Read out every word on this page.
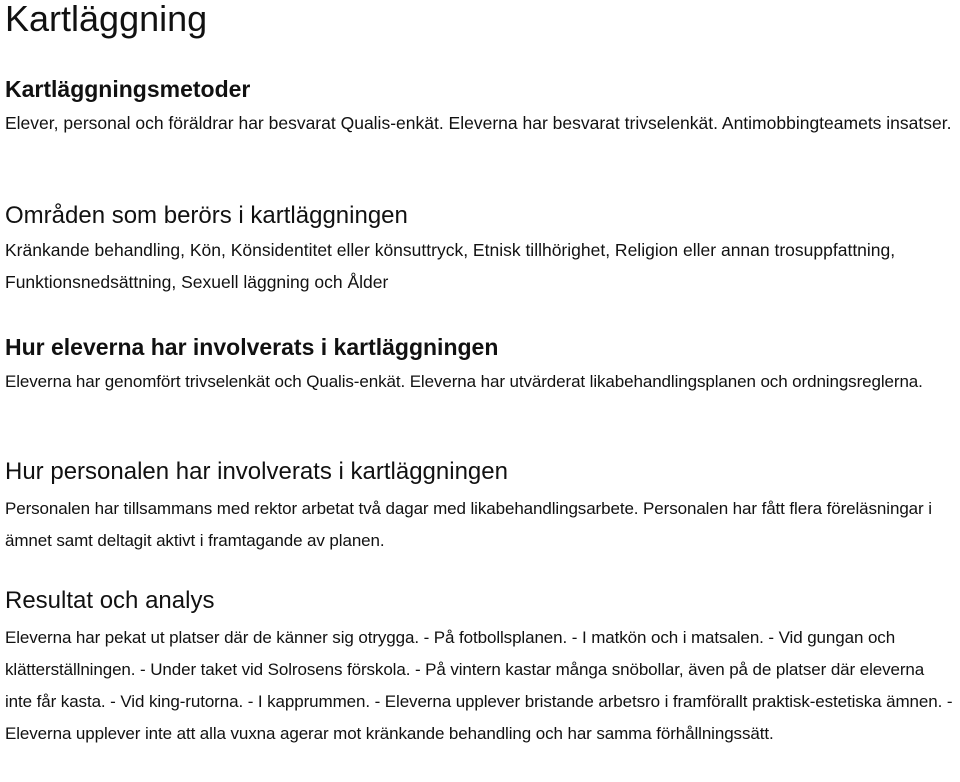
Kartläggning
Kartläggningsmetoder

Elever, personal och föräldrar har besvarat Qualis-enkät. Eleverna har besvarat trivselenkät. Antimobbingteamets insatser.

Områden som berörs i kartläggningen

Kränkande behandling, Kön, Könsidentitet eller könsuttryck, Etnisk tillhörighet, Religion eller annan trosuppfattning, Funktionsnedsättning, Sexuell läggning och Ålder

Hur eleverna har involverats i kartläggningen

Eleverna har genomfört trivselenkät och Qualis-enkät. Eleverna har utvärderat likabehandlingsplanen och ordningsreglerna.

Hur personalen har involverats i kartläggningen

Personalen har tillsammans med rektor arbetat två dagar med likabehandlingsarbete. Personalen har fått flera föreläsningar i ämnet samt deltagit aktivt i framtagande av planen.

Resultat och analys

Eleverna har pekat ut platser där de känner sig otrygga. - På fotbollsplanen. - I matkön och i matsalen. - Vid gungan och klätterställningen. - Under taket vid Solrosens förskola. - På vintern kastar många snöbollar, även på de platser där eleverna inte får kasta. - Vid king-rutorna. - I kapprummen. - Eleverna upplever bristande arbetsro i framförallt praktisk-estetiska ämnen. - Eleverna upplever inte att alla vuxna agerar mot kränkande behandling och har samma förhållningssätt.
